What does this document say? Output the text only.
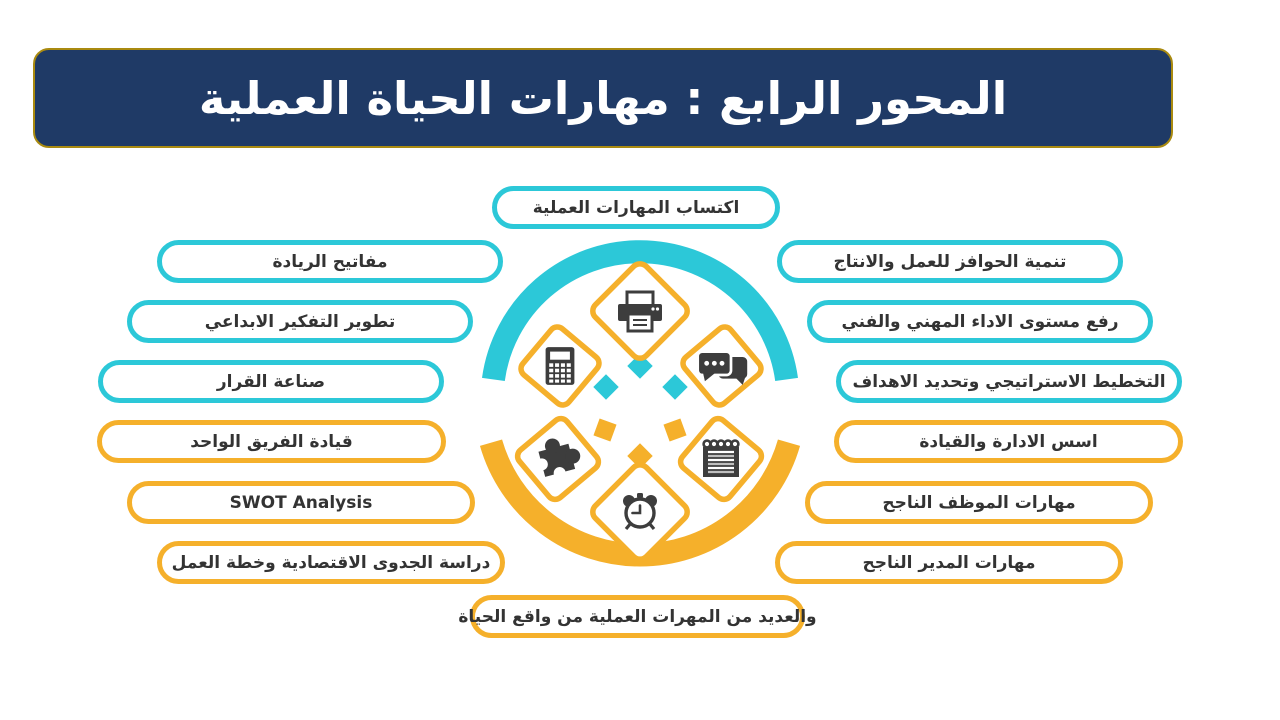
المحور الرابع : مهارات الحياة العملية
اكتساب المهارات العملية
مفاتيح الريادة
تطوير التفكير الابداعي
صناعة القرار
قيادة الفريق الواحد
SWOT Analysis
دراسة الجدوى الاقتصادية وخطة العمل
تنمية الحوافز للعمل والانتاج
رفع مستوى الاداء المهني والفني
التخطيط الاستراتيجي وتحديد الاهداف
اسس الادارة والقيادة
مهارات الموظف الناجح
مهارات المدير الناجح
والعديد من المهرات العملية من واقع الحياة
